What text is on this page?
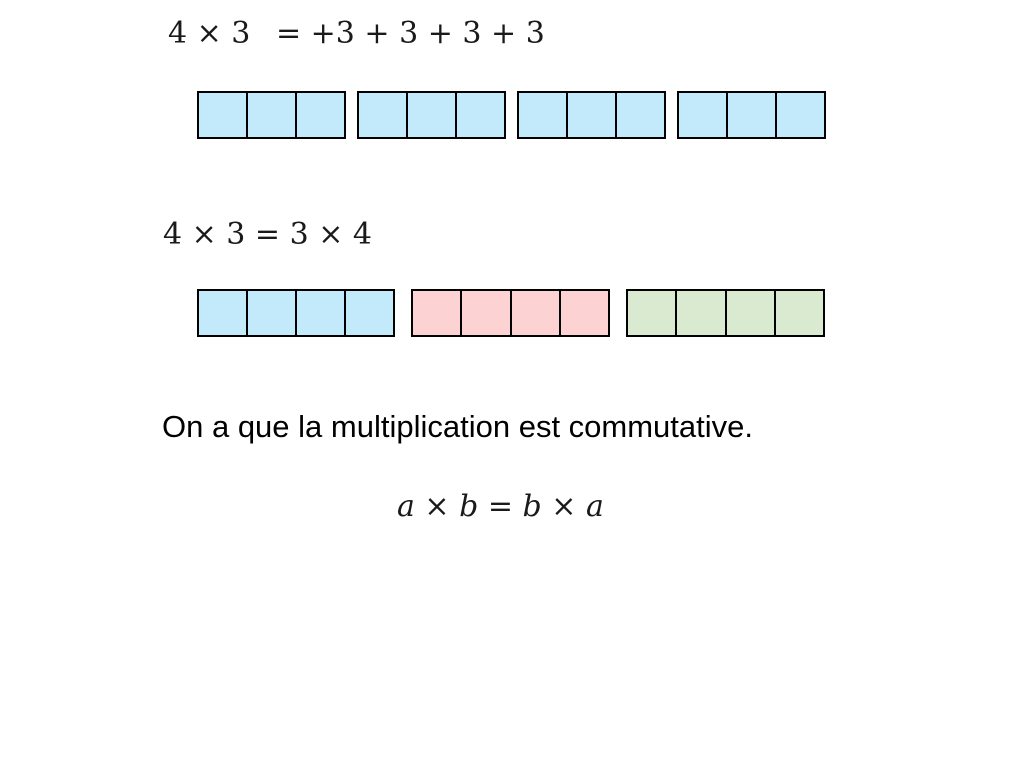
4 × 3 = +3 + 3 + 3 + 3
4 × 3 = 3 × 4
On a que la multiplication est commutative.
a × b = b × a
